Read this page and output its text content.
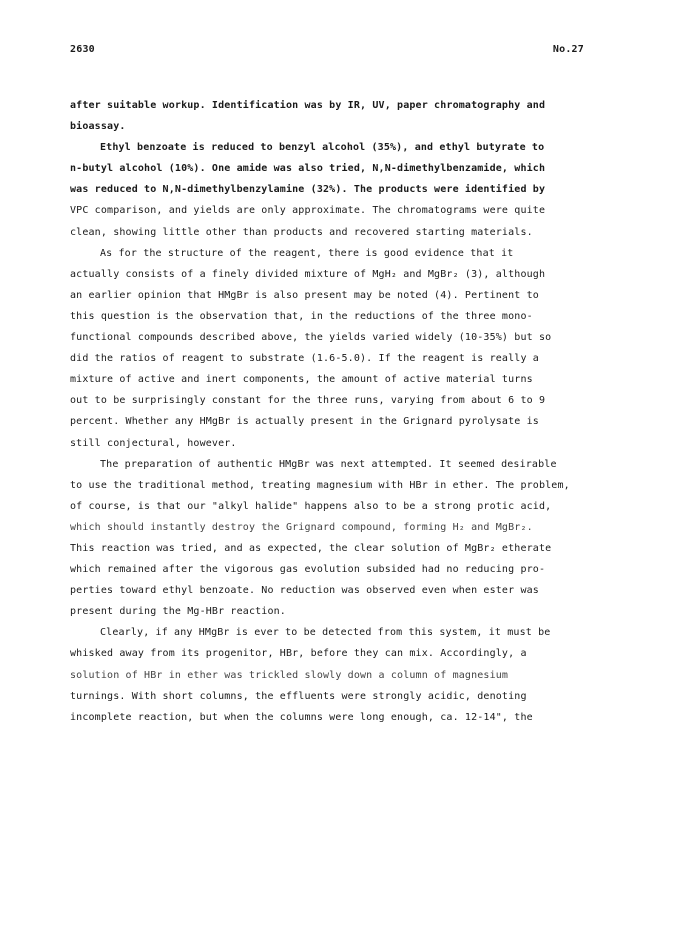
2630	No.27
after suitable workup. Identification was by IR, UV, paper chromatography and
bioassay.
Ethyl benzoate is reduced to benzyl alcohol (35%), and ethyl butyrate to
n-butyl alcohol (10%). One amide was also tried, N,N-dimethylbenzamide, which
was reduced to N,N-dimethylbenzylamine (32%). The products were identified by
VPC comparison, and yields are only approximate. The chromatograms were quite
clean, showing little other than products and recovered starting materials.
As for the structure of the reagent, there is good evidence that it
actually consists of a finely divided mixture of MgH₂ and MgBr₂ (3), although
an earlier opinion that HMgBr is also present may be noted (4). Pertinent to
this question is the observation that, in the reductions of the three mono-
functional compounds described above, the yields varied widely (10-35%) but so
did the ratios of reagent to substrate (1.6-5.0). If the reagent is really a
mixture of active and inert components, the amount of active material turns
out to be surprisingly constant for the three runs, varying from about 6 to 9
percent. Whether any HMgBr is actually present in the Grignard pyrolysate is
still conjectural, however.
The preparation of authentic HMgBr was next attempted. It seemed desirable
to use the traditional method, treating magnesium with HBr in ether. The problem,
of course, is that our "alkyl halide" happens also to be a strong protic acid,
which should instantly destroy the Grignard compound, forming H₂ and MgBr₂.
This reaction was tried, and as expected, the clear solution of MgBr₂ etherate
which remained after the vigorous gas evolution subsided had no reducing pro-
perties toward ethyl benzoate. No reduction was observed even when ester was
present during the Mg-HBr reaction.
Clearly, if any HMgBr is ever to be detected from this system, it must be
whisked away from its progenitor, HBr, before they can mix. Accordingly, a
solution of HBr in ether was trickled slowly down a column of magnesium
turnings. With short columns, the effluents were strongly acidic, denoting
incomplete reaction, but when the columns were long enough, ca. 12-14", the
